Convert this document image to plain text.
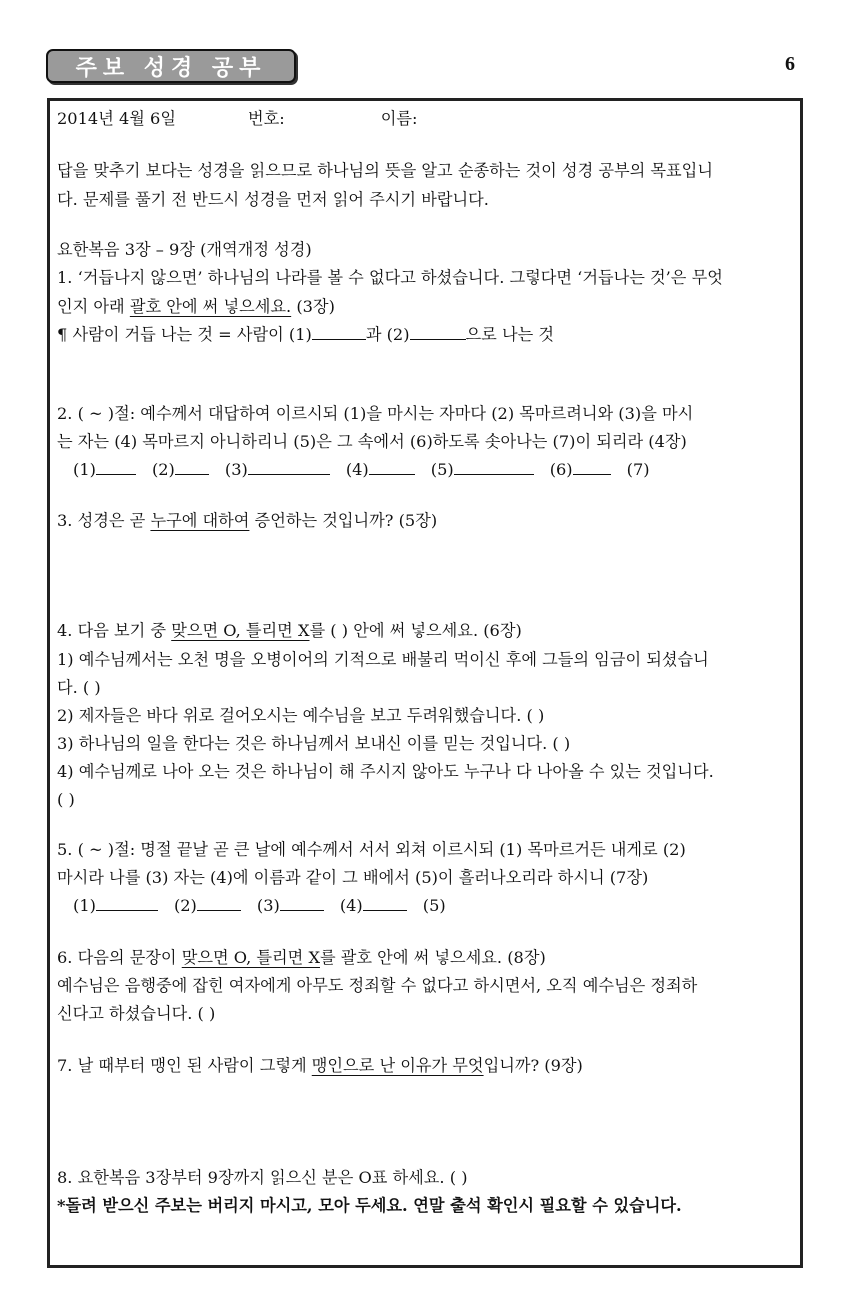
주보 성경 공부	6
2014년 4월 6일	번호:	이름:
답을 맞추기 보다는 성경을 읽으므로 하나님의 뜻을 알고 순종하는 것이 성경 공부의 목표입니
다. 문제를 풀기 전 반드시 성경을 먼저 읽어 주시기 바랍니다.
요한복음 3장 – 9장 (개역개정 성경)
1. ‘거듭나지 않으면’ 하나님의 나라를 볼 수 없다고 하셨습니다. 그렇다면 ‘거듭나는 것’은 무엇
인지 아래 괄호 안에 써 넣으세요. (3장)
¶ 사람이 거듭 나는 것 = 사람이 (1)	과 (2)	으로 나는 것
2. ( ~ )절: 예수께서 대답하여 이르시되 (1)을 마시는 자마다 (2) 목마르려니와 (3)을 마시
는 자는 (4) 목마르지 아니하리니 (5)은 그 속에서 (6)하도록 솟아나는 (7)이 되리라 (4장)
(1)	(2)	(3)	(4)	(5)	(6)	(7)
3. 성경은 곧 누구에 대하여 증언하는 것입니까? (5장)
4. 다음 보기 중 맞으면 O, 틀리면 X를 ( ) 안에 써 넣으세요. (6장)
1) 예수님께서는 오천 명을 오병이어의 기적으로 배불리 먹이신 후에 그들의 임금이 되셨습니
다. ( )
2) 제자들은 바다 위로 걸어오시는 예수님을 보고 두려워했습니다. ( )
3) 하나님의 일을 한다는 것은 하나님께서 보내신 이를 믿는 것입니다. ( )
4) 예수님께로 나아 오는 것은 하나님이 해 주시지 않아도 누구나 다 나아올 수 있는 것입니다.
( )
5. ( ~ )절: 명절 끝날 곧 큰 날에 예수께서 서서 외쳐 이르시되 (1) 목마르거든 내게로 (2)
마시라 나를 (3) 자는 (4)에 이름과 같이 그 배에서 (5)이 흘러나오리라 하시니 (7장)
(1)	(2)	(3)	(4)	(5)
6. 다음의 문장이 맞으면 O, 틀리면 X를 괄호 안에 써 넣으세요. (8장)
예수님은 음행중에 잡힌 여자에게 아무도 정죄할 수 없다고 하시면서, 오직 예수님은 정죄하
신다고 하셨습니다. ( )
7. 날 때부터 맹인 된 사람이 그렇게 맹인으로 난 이유가 무엇입니까? (9장)
8. 요한복음 3장부터 9장까지 읽으신 분은 O표 하세요. ( )
*돌려 받으신 주보는 버리지 마시고, 모아 두세요. 연말 출석 확인시 필요할 수 있습니다.
